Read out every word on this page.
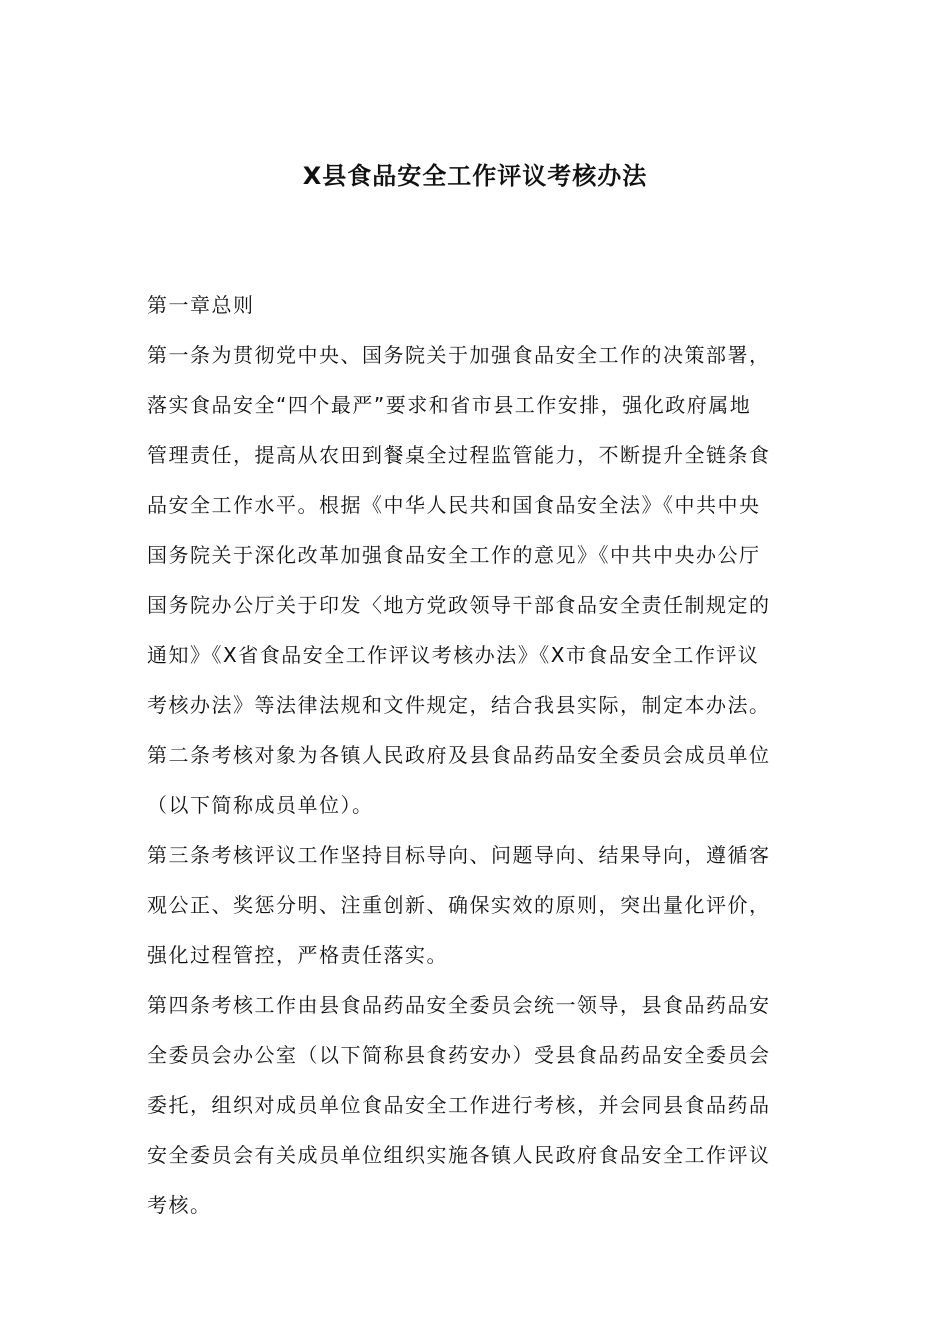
X县食品安全工作评议考核办法
第一章总则
第一条为贯彻党中央、国务院关于加强食品安全工作的决策部署，
落实食品安全“四个最严”要求和省市县工作安排，强化政府属地
管理责任，提高从农田到餐桌全过程监管能力，不断提升全链条食
品安全工作水平。根据《中华人民共和国食品安全法》《中共中央
国务院关于深化改革加强食品安全工作的意见》《中共中央办公厅
国务院办公厅关于印发〈地方党政领导干部食品安全责任制规定的
通知》《X省食品安全工作评议考核办法》《X市食品安全工作评议
考核办法》等法律法规和文件规定，结合我县实际，制定本办法。
第二条考核对象为各镇人民政府及县食品药品安全委员会成员单位
（以下简称成员单位）。
第三条考核评议工作坚持目标导向、问题导向、结果导向，遵循客
观公正、奖惩分明、注重创新、确保实效的原则，突出量化评价，
强化过程管控，严格责任落实。
第四条考核工作由县食品药品安全委员会统一领导，县食品药品安
全委员会办公室（以下简称县食药安办）受县食品药品安全委员会
委托，组织对成员单位食品安全工作进行考核，并会同县食品药品
安全委员会有关成员单位组织实施各镇人民政府食品安全工作评议
考核。
